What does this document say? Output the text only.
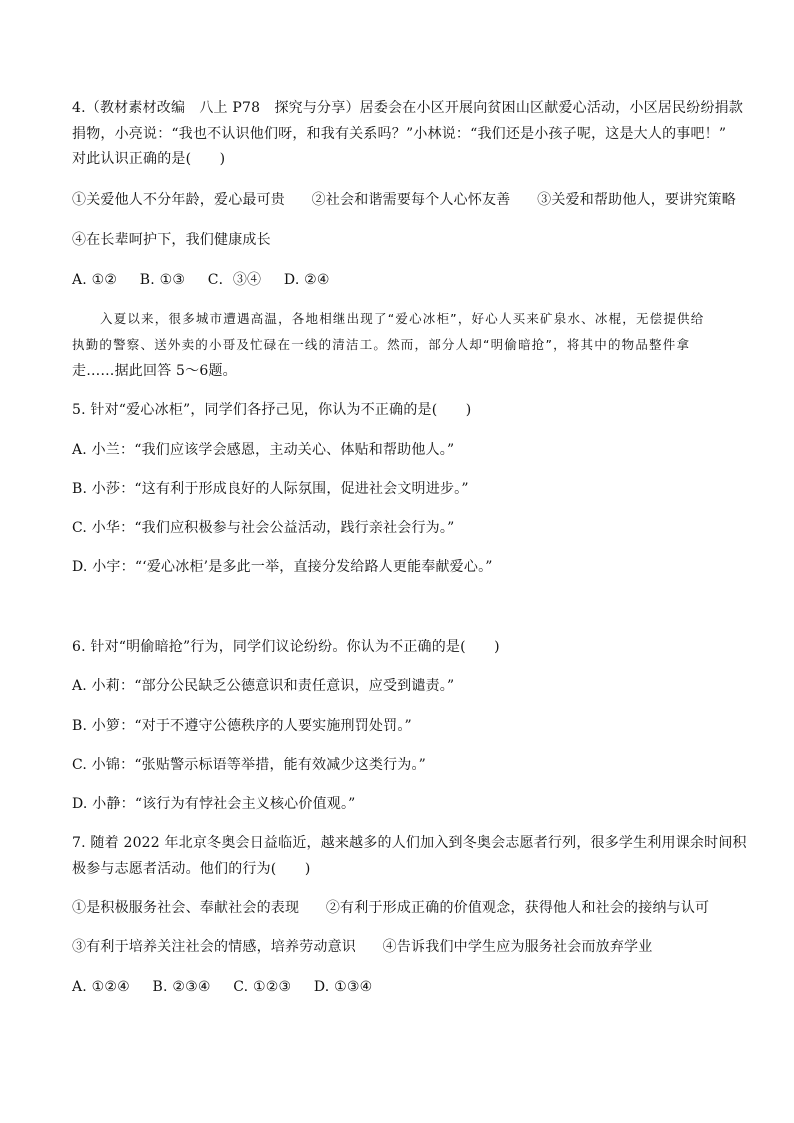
4.（教材素材改编　八上 P78　探究与分享）居委会在小区开展向贫困山区献爱心活动，小区居民纷纷捐款
捐物，小亮说：“我也不认识他们呀，和我有关系吗？”小林说：“我们还是小孩子呢，这是大人的事吧！”
对此认识正确的是(　　)
①关爱他人不分年龄，爱心最可贵 ②社会和谐需要每个人心怀友善 ③关爱和帮助他人，要讲究策略
④在长辈呵护下，我们健康成长
A. ①② B. ①③ C．③④ D. ②④
入夏以来，很多城市遭遇高温，各地相继出现了“爱心冰柜”，好心人买来矿泉水、冰棍，无偿提供给
执勤的警察、送外卖的小哥及忙碌在一线的清洁工。然而，部分人却“明偷暗抢”，将其中的物品整件拿
走……据此回答 5～6题。
5. 针对“爱心冰柜”，同学们各抒己见，你认为不正确的是(　　)
A. 小兰：“我们应该学会感恩，主动关心、体贴和帮助他人。”
B. 小莎：“这有利于形成良好的人际氛围，促进社会文明进步。”
C. 小华：“我们应积极参与社会公益活动，践行亲社会行为。”
D. 小宇：“‘爱心冰柜’是多此一举，直接分发给路人更能奉献爱心。”
6. 针对“明偷暗抢”行为，同学们议论纷纷。你认为不正确的是(　　)
A. 小莉：“部分公民缺乏公德意识和责任意识，应受到谴责。”
B. 小箩：“对于不遵守公德秩序的人要实施刑罚处罚。”
C. 小锦：“张贴警示标语等举措，能有效减少这类行为。”
D. 小静：“该行为有悖社会主义核心价值观。”
7. 随着 2022 年北京冬奥会日益临近，越来越多的人们加入到冬奥会志愿者行列，很多学生利用课余时间积
极参与志愿者活动。他们的行为(　　)
①是积极服务社会、奉献社会的表现 ②有利于形成正确的价值观念，获得他人和社会的接纳与认可
③有利于培养关注社会的情感，培养劳动意识 ④告诉我们中学生应为服务社会而放弃学业
A. ①②④ B. ②③④ C. ①②③ D. ①③④
